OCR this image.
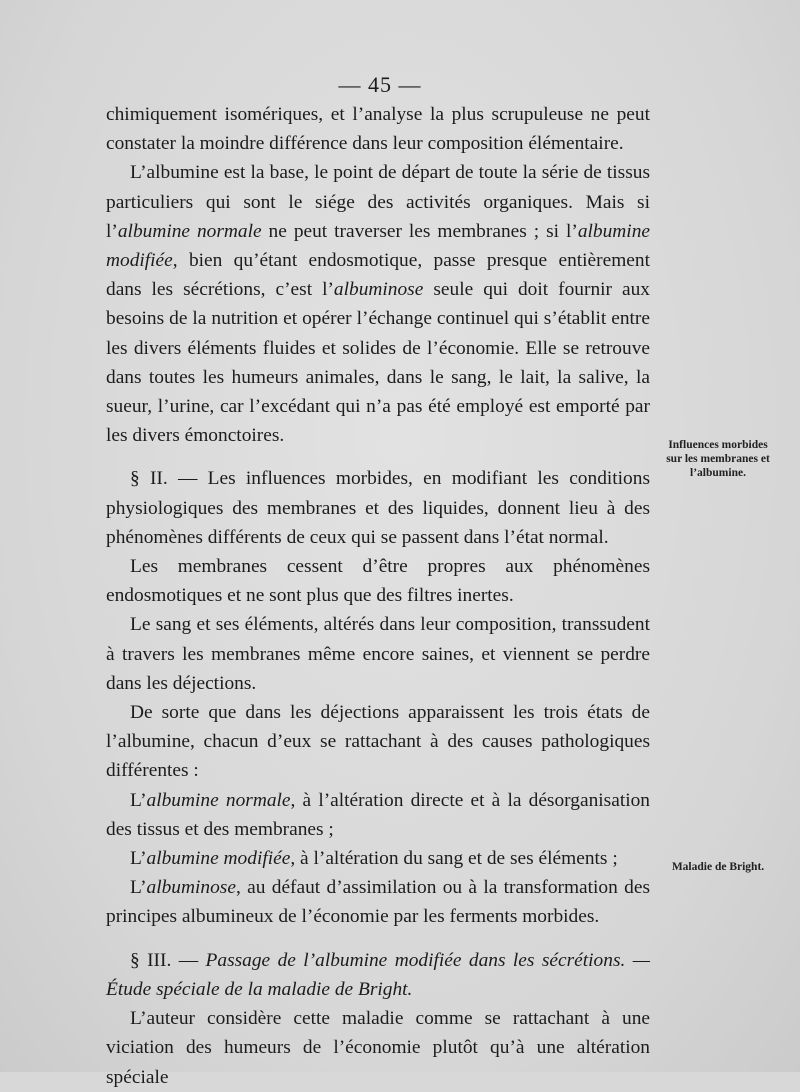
— 45 —

chimiquement isomériques, et l’analyse la plus scrupuleuse ne peut constater la moindre différence dans leur composition élémentaire.

L’albumine est la base, le point de départ de toute la série de tissus particuliers qui sont le siége des activités organiques. Mais si l’albumine normale ne peut traverser les membranes ; si l’albumine modifiée, bien qu’étant endosmotique, passe presque entièrement dans les sécrétions, c’est l’albuminose seule qui doit fournir aux besoins de la nutrition et opérer l’échange continuel qui s’établit entre les divers éléments fluides et solides de l’économie. Elle se retrouve dans toutes les humeurs animales, dans le sang, le lait, la salive, la sueur, l’urine, car l’excédant qui n’a pas été employé est emporté par les divers émonctoires.

§ II. — Les influences morbides, en modifiant les conditions physiologiques des membranes et des liquides, donnent lieu à des phénomènes différents de ceux qui se passent dans l’état normal.

Les membranes cessent d’être propres aux phénomènes endosmotiques et ne sont plus que des filtres inertes.

Le sang et ses éléments, altérés dans leur composition, transsudent à travers les membranes même encore saines, et viennent se perdre dans les déjections.

De sorte que dans les déjections apparaissent les trois états de l’albumine, chacun d’eux se rattachant à des causes pathologiques différentes :

L’albumine normale, à l’altération directe et à la désorganisation des tissus et des membranes ;

L’albumine modifiée, à l’altération du sang et de ses éléments ;

L’albuminose, au défaut d’assimilation ou à la transformation des principes albumineux de l’économie par les ferments morbides.

§ III. — Passage de l’albumine modifiée dans les sécrétions. — Étude spéciale de la maladie de Bright.

L’auteur considère cette maladie comme se rattachant à une viciation des humeurs de l’économie plutôt qu’à une altération spéciale

Influences morbides sur les membranes et l’albumine.
Maladie de Bright.
